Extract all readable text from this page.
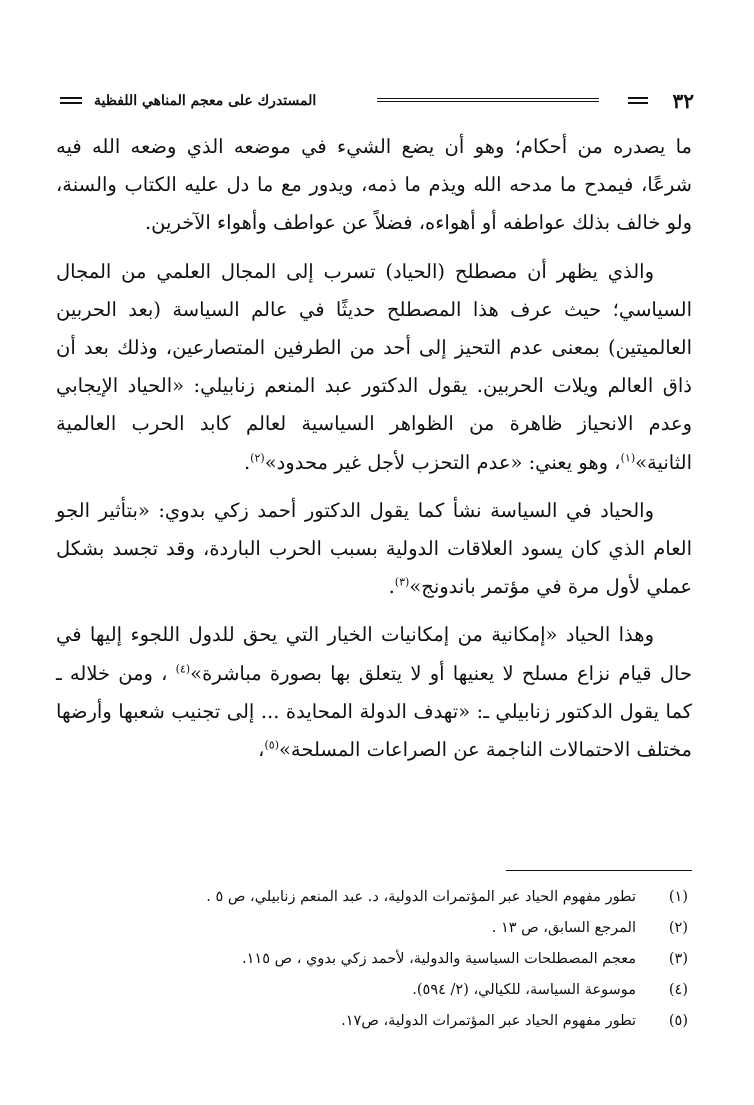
٣٢
المستدرك على معجم المناهي اللفظية

ما يصدره من أحكام؛ وهو أن يضع الشيء في موضعه الذي وضعه الله فيه شرعًا، فيمدح ما مدحه الله ويذم ما ذمه، ويدور مع ما دل عليه الكتاب والسنة، ولو خالف بذلك عواطفه أو أهواءه، فضلاً عن عواطف وأهواء الآخرين.

والذي يظهر أن مصطلح (الحياد) تسرب إلى المجال العلمي من المجال السياسي؛ حيث عرف هذا المصطلح حديثًا في عالم السياسة (بعد الحربين العالميتين) بمعنى عدم التحيز إلى أحد من الطرفين المتصارعين، وذلك بعد أن ذاق العالم ويلات الحربين. يقول الدكتور عبد المنعم زنابيلي: «الحياد الإيجابي وعدم الانحياز ظاهرة من الظواهر السياسية لعالم كابد الحرب العالمية الثانية»$^{(١)}$، وهو يعني: «عدم التحزب لأجل غير محدود»$^{(٢)}$.

والحياد في السياسة نشأ كما يقول الدكتور أحمد زكي بدوي: «بتأثير الجو العام الذي كان يسود العلاقات الدولية بسبب الحرب الباردة، وقد تجسد بشكل عملي لأول مرة في مؤتمر باندونج»$^{(٣)}$.

وهذا الحياد «إمكانية من إمكانيات الخيار التي يحق للدول اللجوء إليها في حال قيام نزاع مسلح لا يعنيها أو لا يتعلق بها بصورة مباشرة»$^{(٤)}$ ، ومن خلاله ـ كما يقول الدكتور زنابيلي ـ: «تهدف الدولة المحايدة ... إلى تجنيب شعبها وأرضها مختلف الاحتمالات الناجمة عن الصراعات المسلحة»$^{(٥)}$،

(١)تطور مفهوم الحياد عبر المؤتمرات الدولية، د. عبد المنعم زنابيلي، ص ٥ .
(٢)المرجع السابق، ص ١٣ .
(٣)معجم المصطلحات السياسية والدولية، لأحمد زكي بدوي ، ص ١١٥.
(٤)موسوعة السياسة، للكيالي، (٢/ ٥٩٤).
(٥)تطور مفهوم الحياد عبر المؤتمرات الدولية، ص١٧.
